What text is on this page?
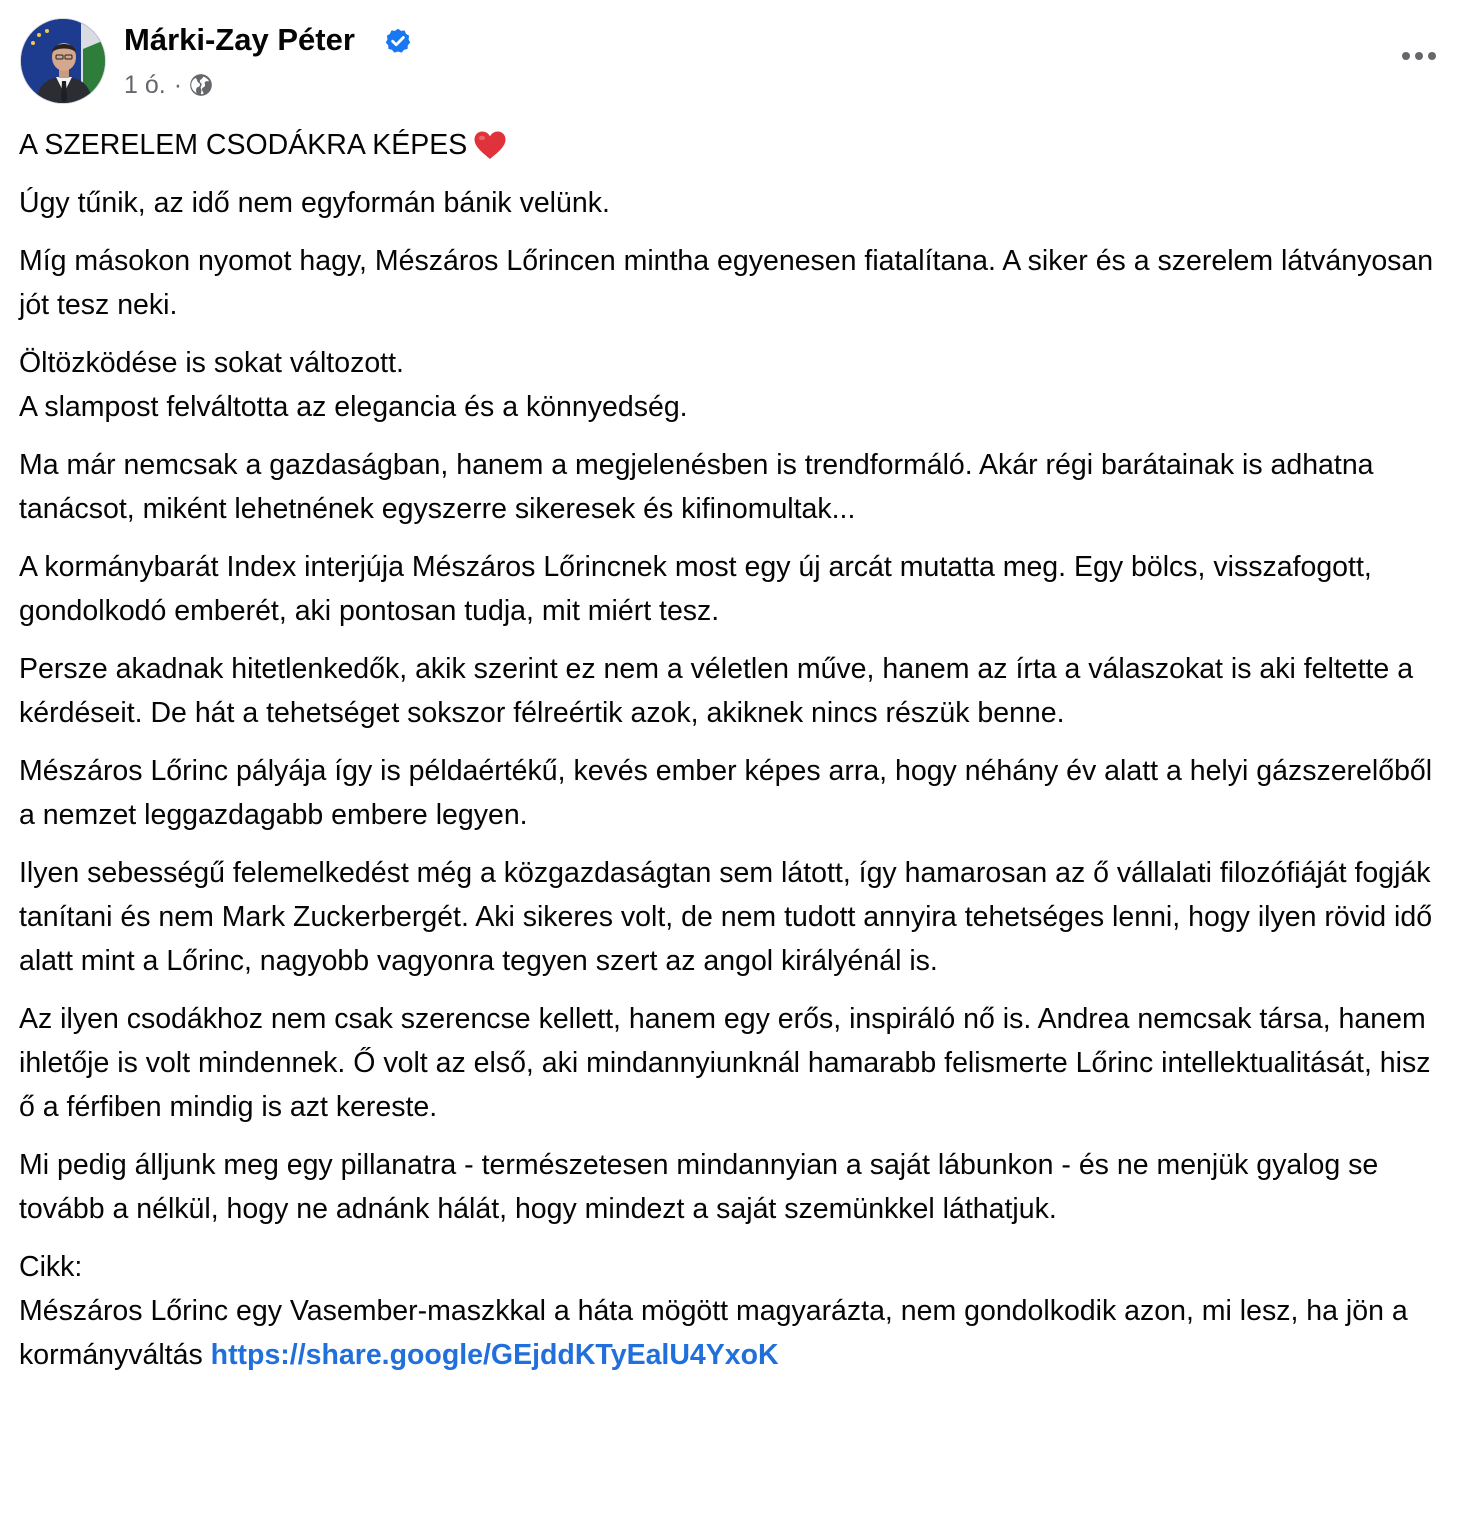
Márki-Zay Péter
1 ó. ·

A SZERELEM CSODÁKRA KÉPES

Úgy tűnik, az idő nem egyformán bánik velünk.

Míg másokon nyomot hagy, Mészáros Lőrincen mintha egyenesen fiatalítana. A siker és a szerelem látványosan jót tesz neki.

Öltözködése is sokat változott.
A slampost felváltotta az elegancia és a könnyedség.

Ma már nemcsak a gazdaságban, hanem a megjelenésben is trendformáló. Akár régi barátainak is adhatna tanácsot, miként lehetnének egyszerre sikeresek és kifinomultak...

A kormánybarát Index interjúja Mészáros Lőrincnek most egy új arcát mutatta meg. Egy bölcs, visszafogott, gondolkodó emberét, aki pontosan tudja, mit miért tesz.

Persze akadnak hitetlenkedők, akik szerint ez nem a véletlen műve, hanem az írta a válaszokat is aki feltette a kérdéseit. De hát a tehetséget sokszor félreértik azok, akiknek nincs részük benne.

Mészáros Lőrinc pályája így is példaértékű, kevés ember képes arra, hogy néhány év alatt a helyi gázszerelőből a nemzet leggazdagabb embere legyen.

Ilyen sebességű felemelkedést még a közgazdaságtan sem látott, így hamarosan az ő vállalati filozófiáját fogják tanítani és nem Mark Zuckerbergét. Aki sikeres volt, de nem tudott annyira tehetséges lenni, hogy ilyen rövid idő alatt mint a Lőrinc, nagyobb vagyonra tegyen szert az angol királyénál is.

Az ilyen csodákhoz nem csak szerencse kellett, hanem egy erős, inspiráló nő is. Andrea nemcsak társa, hanem ihletője is volt mindennek. Ő volt az első, aki mindannyiunknál hamarabb felismerte Lőrinc intellektualitását, hisz ő a férfiben mindig is azt kereste.

Mi pedig álljunk meg egy pillanatra - természetesen mindannyian a saját lábunkon - és ne menjük gyalog se tovább a nélkül, hogy ne adnánk hálát, hogy mindezt a saját szemünkkel láthatjuk.

Cikk:
Mészáros Lőrinc egy Vasember-maszkkal a háta mögött magyarázta, nem gondolkodik azon, mi lesz, ha jön a kormányváltás https://share.google/GEjddKTyEalU4YxoK
